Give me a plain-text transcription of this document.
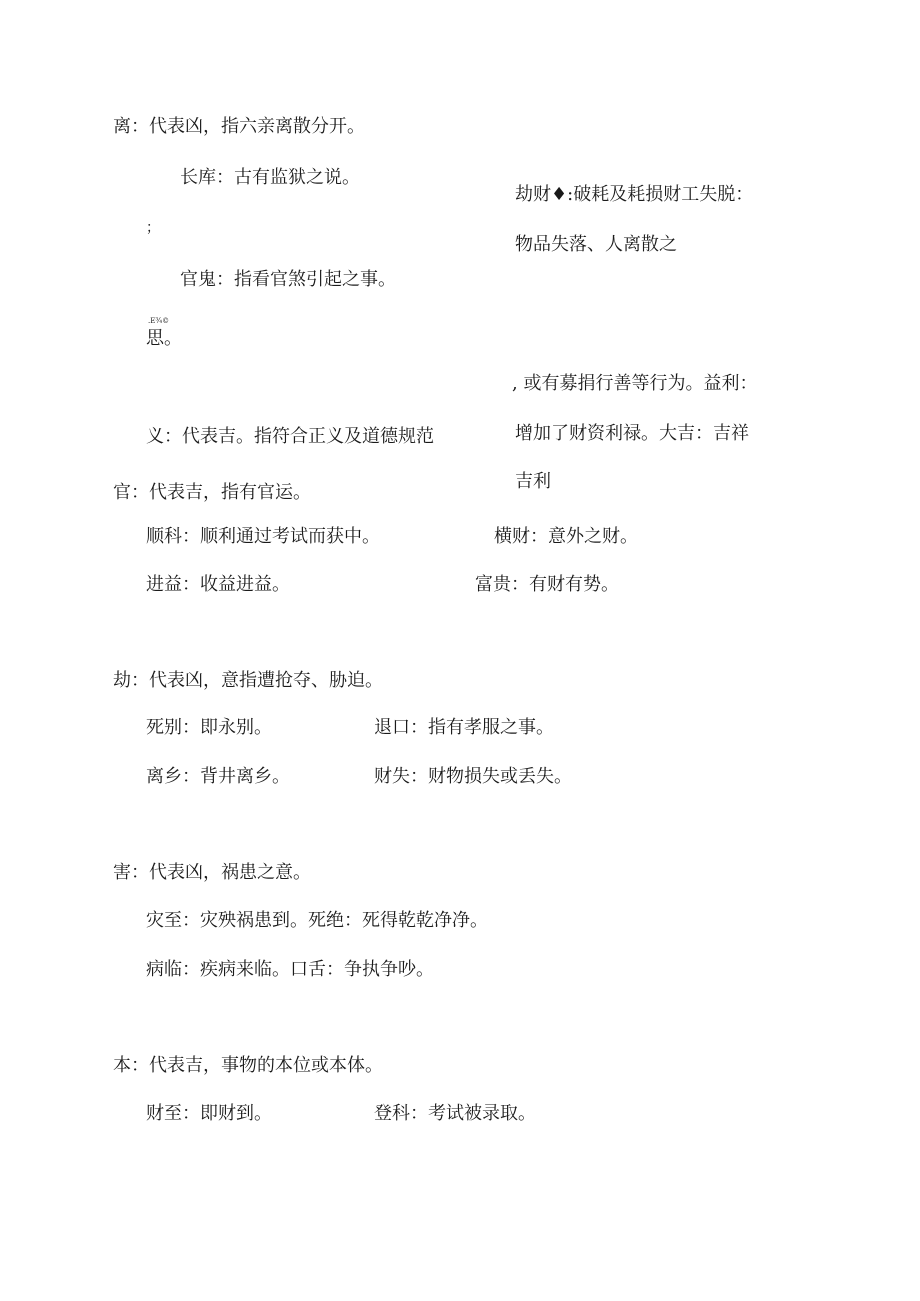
离：代表凶，指六亲离散分开。
长库：古有监狱之说。
；
官鬼：指看官煞引起之事。
.E¾©
思。
义：代表吉。指符合正义及道德规范
劫财♦:破耗及耗损财工失脱：
物品失落、人离散之
, 或有募捐行善等行为。益利：
增加了财资利禄。大吉：吉祥
吉利
官：代表吉，指有官运。
顺科：顺利通过考试而获中。	横财：意外之财。
进益：收益进益。	富贵：有财有势。
劫：代表凶，意指遭抢夺、胁迫。
死别：即永别。	退口：指有孝服之事。
离乡：背井离乡。	财失：财物损失或丢失。
害：代表凶，祸患之意。
灾至：灾殃祸患到。死绝：死得乾乾净净。
病临：疾病来临。口舌：争执争吵。
本：代表吉，事物的本位或本体。
财至：即财到。	登科：考试被录取。
